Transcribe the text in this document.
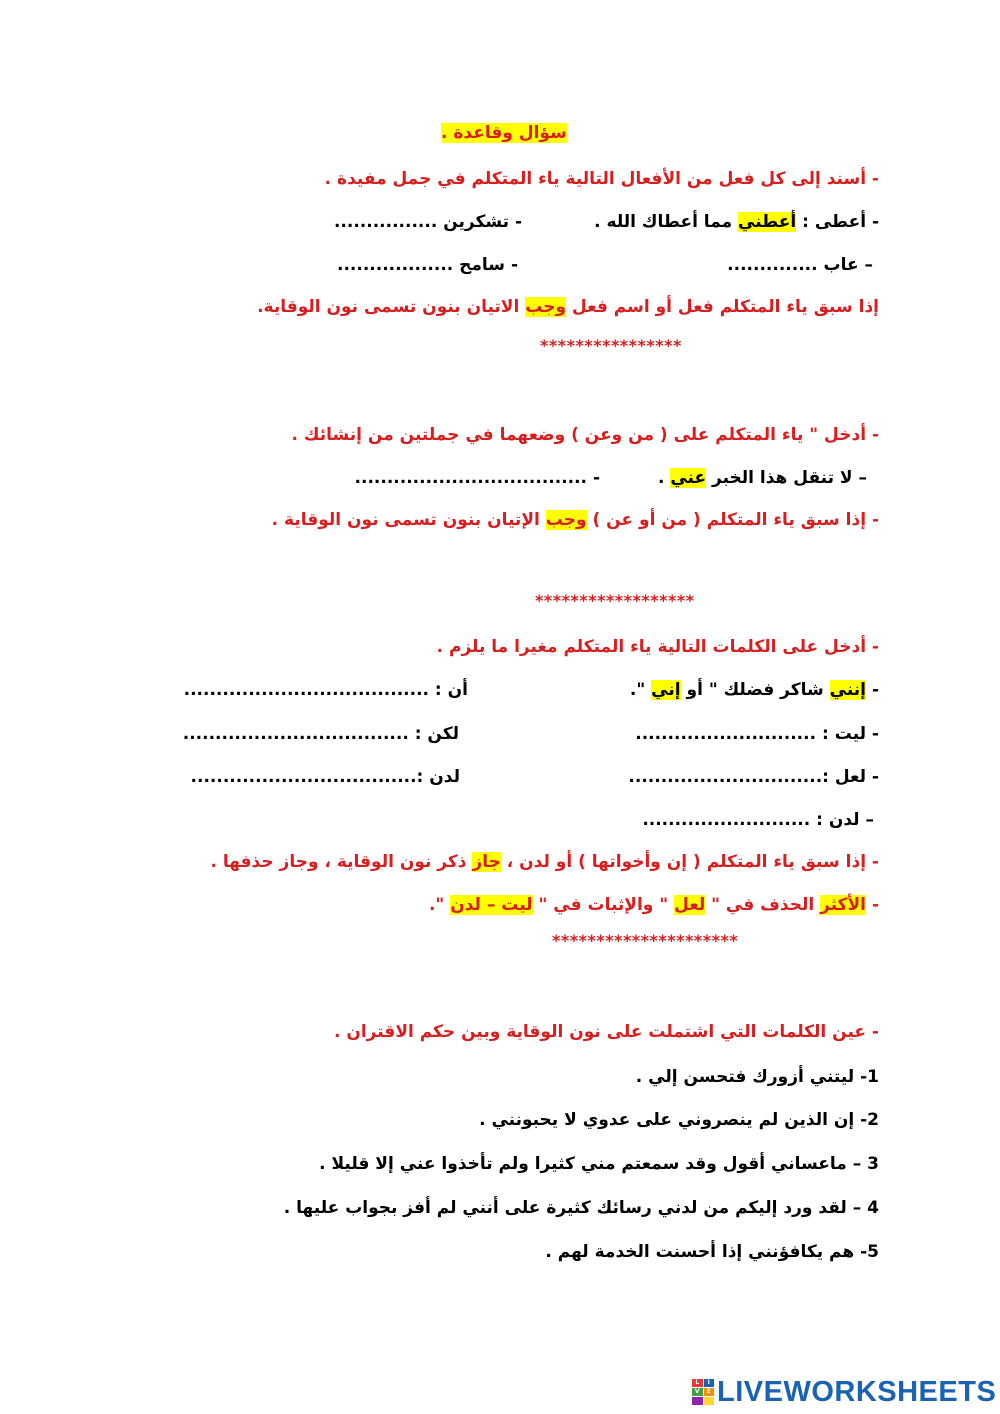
سؤال وقاعدة .
- أسند إلى كل فعل من الأفعال التالية ياء المتكلم في جمل مفيدة .
- أعطى : أعطني مما أعطاك الله .
- تشكرين ................
– عاب ..............
- سامح ..................
إذا سبق ياء المتكلم فعل أو اسم فعل وجب الاتيان بنون تسمى نون الوقاية.
****************
- أدخل " ياء المتكلم على ( من وعن ) وضعهما في جملتين من إنشائك .
– لا تنقل هذا الخبر عني .
- ....................................
- إذا سبق ياء المتكلم ( من أو عن ) وجب الإتيان بنون تسمى نون الوقاية .
******************
- أدخل على الكلمات التالية ياء المتكلم مغيرا ما يلزم .
- إنني شاكر فضلك " أو إني ".
أن : ......................................
- ليت : ............................
لكن : ...................................
- لعل :..............................
لدن :...................................
– لدن : ..........................
- إذا سبق ياء المتكلم ( إن وأخواتها ) أو لدن ، جاز ذكر نون الوقاية ، وجاز حذفها .
- الأكثر الحذف في " لعل " والإثبات في " ليت – لدن ".
*********************
- عين الكلمات التي اشتملت على نون الوقاية وبين حكم الاقتران .
1- ليتني أزورك فتحسن إلي .
2- إن الذين لم ينصروني على عدوي لا يحبونني .
3 – ماعساني أقول وقد سمعتم مني كثيرا ولم تأخذوا عني إلا قليلا .
4 – لقد ورد إليكم من لدني رسائك كثيرة على أنني لم أفز بجواب عليها .
5- هم يكافؤنني إذا أحسنت الخدمة لهم .
L	I
V	E LIVEWORKSHEETS
